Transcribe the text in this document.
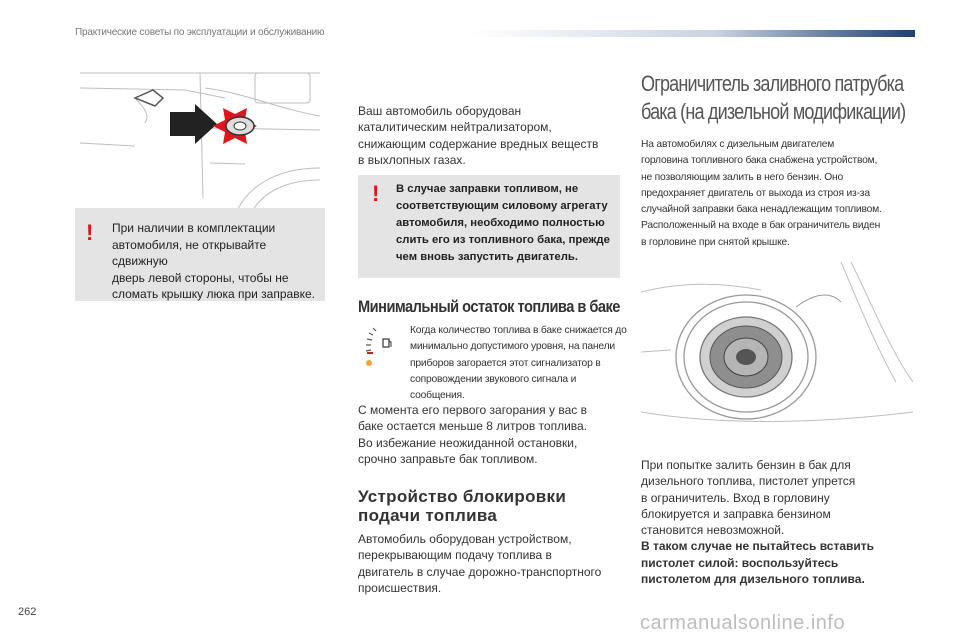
Практические советы по эксплуатации и обслуживанию
! При наличии в комплектации
автомобиля, не открывайте сдвижную
дверь левой стороны, чтобы не
сломать крышку люка при заправке.
Ваш автомобиль оборудован
каталитическим нейтрализатором,
снижающим содержание вредных веществ
в выхлопных газах.
! В случае заправки топливом, не
соответствующим силовому агрегату
автомобиля, необходимо полностью
слить его из топливного бака, прежде
чем вновь запустить двигатель.
Минимальный остаток топлива в баке
Когда количество топлива в баке снижается до
минимально допустимого уровня, на панели
приборов загорается этот сигнализатор в
сопровождении звукового сигнала и сообщения.
С момента его первого загорания у вас в
баке остается меньше 8 литров топлива.
Во избежание неожиданной остановки,
срочно заправьте бак топливом.
Устройство блокировки
подачи топлива
Автомобиль оборудован устройством,
перекрывающим подачу топлива в
двигатель в случае дорожно-транспортного
происшествия.
Ограничитель заливного патрубка
бака (на дизельной модификации)
На автомобилях с дизельным двигателем
горловина топливного бака снабжена устройством,
не позволяющим залить в него бензин. Оно
предохраняет двигатель от выхода из строя из-за
случайной заправки бака ненадлежащим топливом.
Расположенный на входе в бак ограничитель виден
в горловине при снятой крышке.
При попытке залить бензин в бак для
дизельного топлива, пистолет упрется
в ограничитель. Вход в горловину
блокируется и заправка бензином
становится невозможной.
В таком случае не пытайтесь вставить
пистолет силой: воспользуйтесь
пистолетом для дизельного топлива.
262	carmanualsonline.info
